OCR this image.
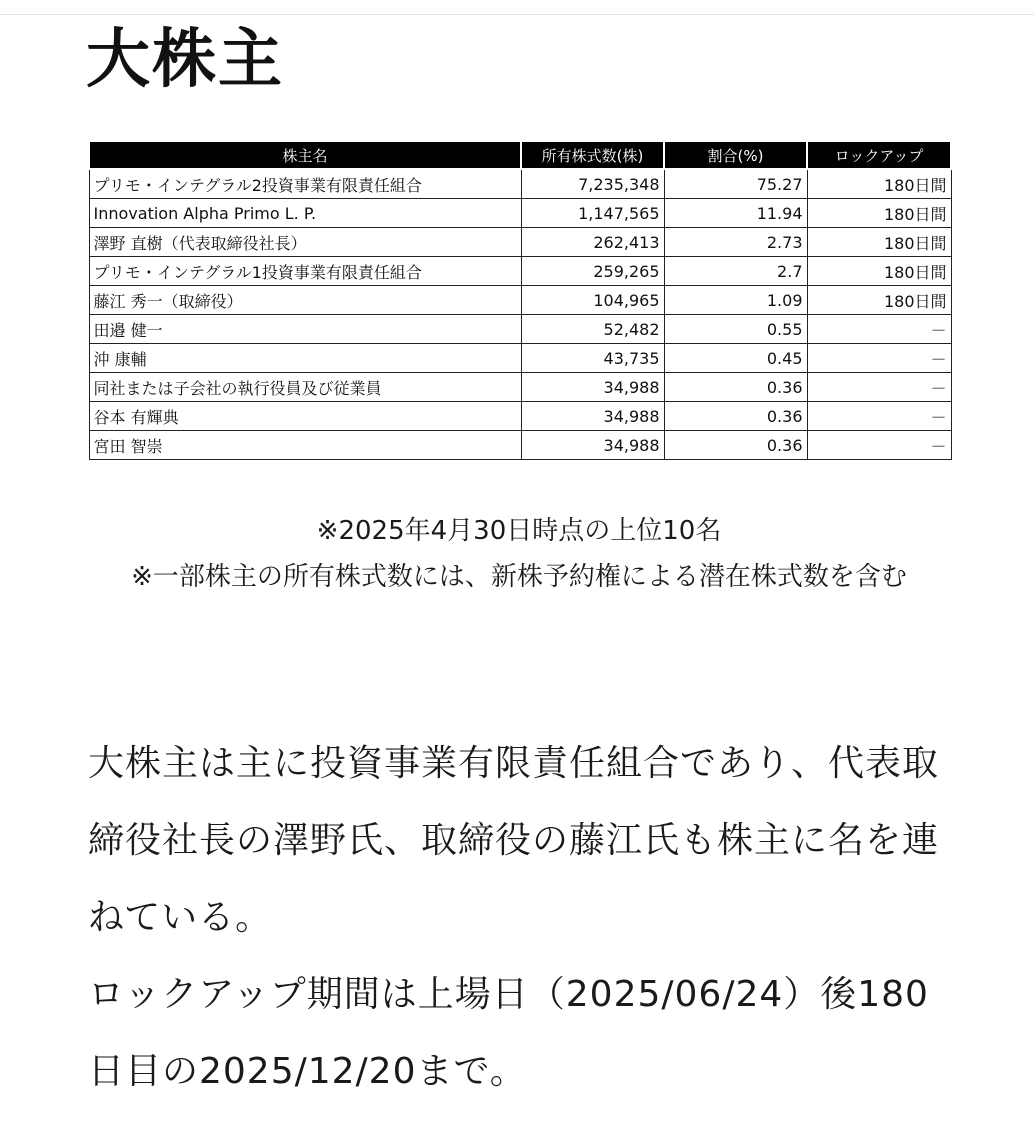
大株主
株主名	所有株式数(株)	割合(%)	ロックアップ
プリモ・インテグラル2投資事業有限責任組合	7,235,348	75.27	180日間
Innovation Alpha Primo L. P.	1,147,565	11.94	180日間
澤野 直樹（代表取締役社長）	262,413	2.73	180日間
プリモ・インテグラル1投資事業有限責任組合	259,265	2.7	180日間
藤江 秀一（取締役）	104,965	1.09	180日間
田邉 健一	52,482	0.55	－
沖 康輔	43,735	0.45	－
同社または子会社の執行役員及び従業員	34,988	0.36	－
谷本 有輝典	34,988	0.36	－
宮田 智崇	34,988	0.36	－

※2025年4月30日時点の上位10名

※一部株主の所有株式数には、新株予約権による潜在株式数を含む

大株主は主に投資事業有限責任組合であり、代表取締役社長の澤野氏、取締役の藤江氏も株主に名を連ねている。

ロックアップ期間は上場日（2025/06/24）後180日目の2025/12/20まで。
